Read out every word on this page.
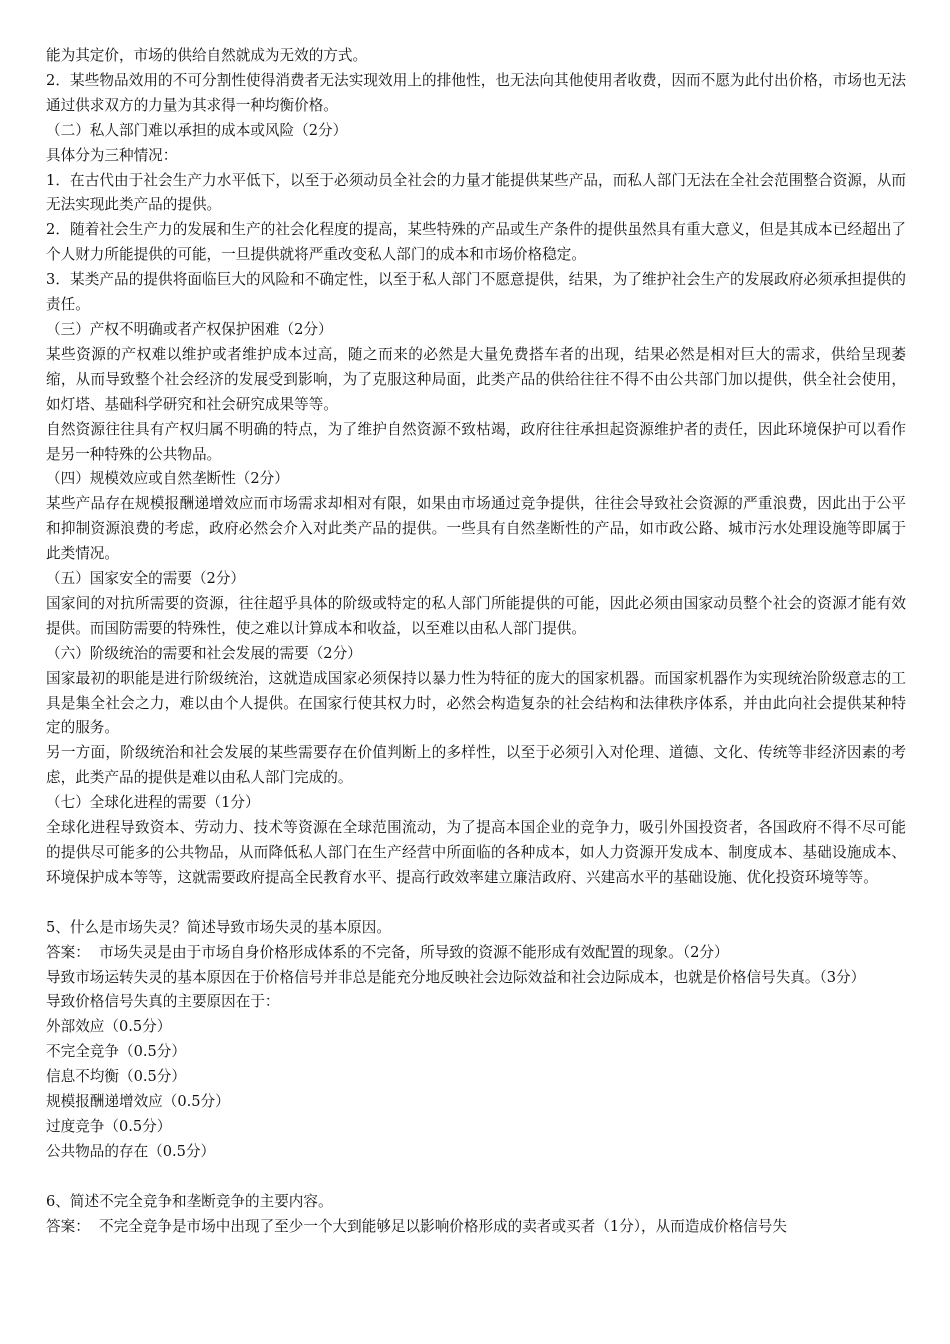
能为其定价，市场的供给自然就成为无效的方式。

2．某些物品效用的不可分割性使得消费者无法实现效用上的排他性，也无法向其他使用者收费，因而不愿为此付出价格，市场也无法通过供求双方的力量为其求得一种均衡价格。

（二）私人部门难以承担的成本或风险（2分）

具体分为三种情况：

1．在古代由于社会生产力水平低下，以至于必须动员全社会的力量才能提供某些产品，而私人部门无法在全社会范围整合资源，从而无法实现此类产品的提供。

2．随着社会生产力的发展和生产的社会化程度的提高，某些特殊的产品或生产条件的提供虽然具有重大意义，但是其成本已经超出了个人财力所能提供的可能，一旦提供就将严重改变私人部门的成本和市场价格稳定。

3．某类产品的提供将面临巨大的风险和不确定性，以至于私人部门不愿意提供，结果，为了维护社会生产的发展政府必须承担提供的责任。

（三）产权不明确或者产权保护困难（2分）

某些资源的产权难以维护或者维护成本过高，随之而来的必然是大量免费搭车者的出现，结果必然是相对巨大的需求，供给呈现萎缩，从而导致整个社会经济的发展受到影响，为了克服这种局面，此类产品的供给往往不得不由公共部门加以提供，供全社会使用，如灯塔、基础科学研究和社会研究成果等等。

自然资源往往具有产权归属不明确的特点，为了维护自然资源不致枯竭，政府往往承担起资源维护者的责任，因此环境保护可以看作是另一种特殊的公共物品。

（四）规模效应或自然垄断性（2分）

某些产品存在规模报酬递增效应而市场需求却相对有限，如果由市场通过竞争提供，往往会导致社会资源的严重浪费，因此出于公平和抑制资源浪费的考虑，政府必然会介入对此类产品的提供。一些具有自然垄断性的产品，如市政公路、城市污水处理设施等即属于此类情况。

（五）国家安全的需要（2分）

国家间的对抗所需要的资源，往往超乎具体的阶级或特定的私人部门所能提供的可能，因此必须由国家动员整个社会的资源才能有效提供。而国防需要的特殊性，使之难以计算成本和收益，以至难以由私人部门提供。

（六）阶级统治的需要和社会发展的需要（2分）

国家最初的职能是进行阶级统治，这就造成国家必须保持以暴力性为特征的庞大的国家机器。而国家机器作为实现统治阶级意志的工具是集全社会之力，难以由个人提供。在国家行使其权力时，必然会构造复杂的社会结构和法律秩序体系，并由此向社会提供某种特定的服务。

另一方面，阶级统治和社会发展的某些需要存在价值判断上的多样性，以至于必须引入对伦理、道德、文化、传统等非经济因素的考虑，此类产品的提供是难以由私人部门完成的。

（七）全球化进程的需要（1分）

全球化进程导致资本、劳动力、技术等资源在全球范围流动，为了提高本国企业的竞争力，吸引外国投资者，各国政府不得不尽可能的提供尽可能多的公共物品，从而降低私人部门在生产经营中所面临的各种成本，如人力资源开发成本、制度成本、基础设施成本、环境保护成本等等，这就需要政府提高全民教育水平、提高行政效率建立廉洁政府、兴建高水平的基础设施、优化投资环境等等。

5、什么是市场失灵？简述导致市场失灵的基本原因。

答案：  市场失灵是由于市场自身价格形成体系的不完备，所导致的资源不能形成有效配置的现象。（2分）

导致市场运转失灵的基本原因在于价格信号并非总是能充分地反映社会边际效益和社会边际成本，也就是价格信号失真。（3分）

导致价格信号失真的主要原因在于：

外部效应（0.5分）

不完全竞争（0.5分）

信息不均衡（0.5分）

规模报酬递增效应（0.5分）

过度竞争（0.5分）

公共物品的存在（0.5分）

6、简述不完全竞争和垄断竞争的主要内容。

答案：  不完全竞争是市场中出现了至少一个大到能够足以影响价格形成的卖者或买者（1分），从而造成价格信号失
